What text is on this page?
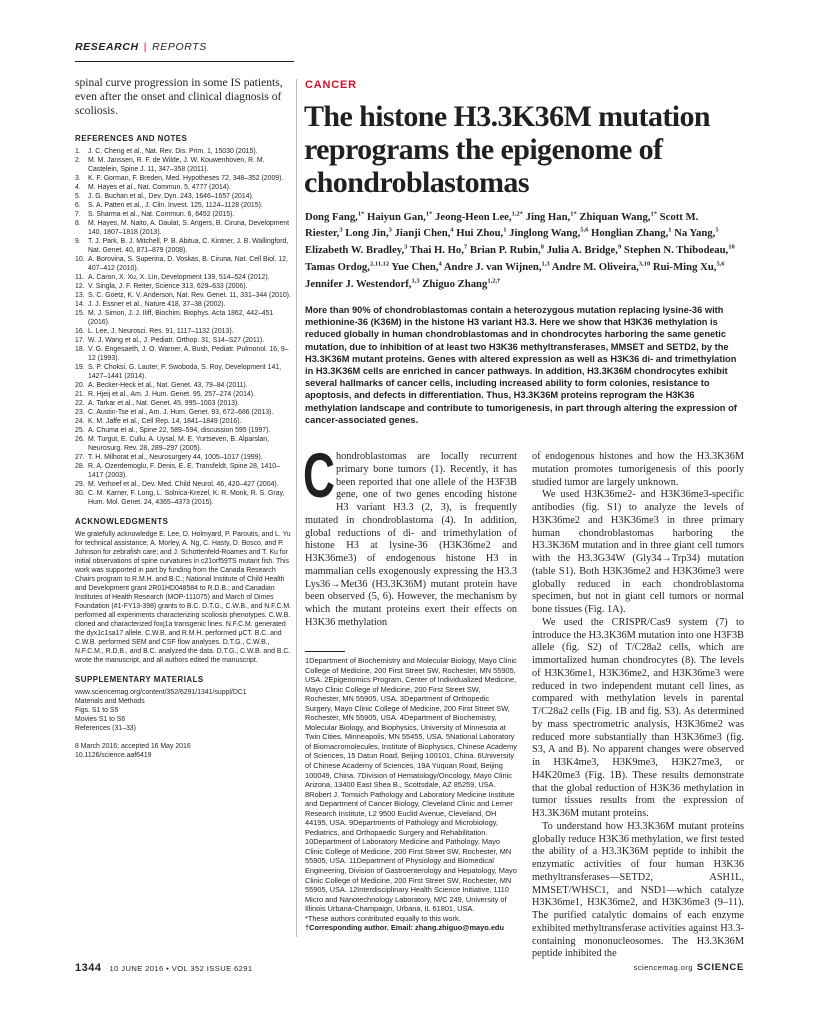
RESEARCH | REPORTS

spinal curve progression in some IS patients, even after the onset and clinical diagnosis of scoliosis.

REFERENCES AND NOTES
1.	J. C. Cheng et al., Nat. Rev. Dis. Prim. 1, 15030 (2015).
2.	M. M. Janssen, R. F. de Wilde, J. W. Kouwenhoven, R. M. Castelein, Spine J. 11, 347–358 (2011).
3.	K. F. Gorman, F. Breden, Med. Hypotheses 72, 348–352 (2009).
4.	M. Hayes et al., Nat. Commun. 5, 4777 (2014).
5.	J. G. Buchan et al., Dev. Dyn. 243, 1646–1657 (2014).
6.	S. A. Patten et al., J. Clin. Invest. 125, 1124–1128 (2015).
7.	S. Sharma et al., Nat. Commun. 6, 6452 (2015).
8.	M. Hayes, M. Naito, A. Daulat, S. Angers, B. Ciruna, Development 140, 1807–1818 (2013).
9.	T. J. Park, B. J. Mitchell, P. B. Abitua, C. Kintner, J. B. Wallingford, Nat. Genet. 40, 871–879 (2008).
10. A. Borovina, S. Superina, D. Voskas, B. Ciruna, Nat. Cell Biol. 12, 407–412 (2010).
11. A. Caron, X. Xu, X. Lin, Development 139, 514–524 (2012).
12. V. Singla, J. F. Reiter, Science 313, 629–633 (2006).
13. S. C. Goetz, K. V. Anderson, Nat. Rev. Genet. 11, 331–344 (2010).
14. J. J. Essner et al., Nature 418, 37–38 (2002).
15. M. J. Simon, J. J. Iliff, Biochim. Biophys. Acta 1862, 442–451 (2016).
16. L. Lee, J. Neurosci. Res. 91, 1117–1132 (2013).
17. W. J. Wang et al., J. Pediatr. Orthop. 31, S14–S27 (2011).
18. V. G. Engesaeth, J. O. Warner, A. Bush, Pediatr. Pulmonol. 16, 9–12 (1993).
19. S. P. Choksi, G. Lauter, P. Swoboda, S. Roy, Development 141, 1427–1441 (2014).
20. A. Becker-Heck et al., Nat. Genet. 43, 79–84 (2011).
21. R. Hjeij et al., Am. J. Hum. Genet. 95, 257–274 (2014).
22. A. Tarkar et al., Nat. Genet. 45, 995–1003 (2013).
23. C. Austin-Tse et al., Am. J. Hum. Genet. 93, 672–686 (2013).
24. K. M. Jaffe et al., Cell Rep. 14, 1841–1849 (2016).
25. A. Chuma et al., Spine 22, 589–594, discussion 595 (1997).
26. M. Turgut, E. Cullu, A. Uysal, M. E. Yurtseven, B. Alparslan, Neurosurg. Rev. 28, 289–297 (2005).
27. T. H. Milhorat et al., Neurosurgery 44, 1005–1017 (1999).
28. R. A. Ozerdemoglu, F. Denis, E. E. Transfeldt, Spine 28, 1410–1417 (2003).
29. M. Verhoef et al., Dev. Med. Child Neurol. 46, 420–427 (2004).
30. C. M. Karner, F. Long, L. Solnica-Krezel, K. R. Monk, R. S. Gray, Hum. Mol. Genet. 24, 4365–4373 (2015).
ACKNOWLEDGMENTS

We gratefully acknowledge E. Lee, D. Holmyard, P. Paroutis, and L. Yu for technical assistance; A. Morley, A. Ng, C. Hasty, D. Bosco, and P. Johnson for zebrafish care; and J. Schottenfeld-Roames and T. Ku for initial observations of spine curvatures in c21orf59TS mutant fish. This work was supported in part by funding from the Canada Research Chairs program to R.M.H. and B.C.; National Institute of Child Health and Development grant 2R01HD048584 to R.D.B.; and Canadian Institutes of Health Research (MOP-111075) and March of Dimes Foundation (#1-FY13-398) grants to B.C. D.T.G., C.W.B., and N.F.C.M. performed all experiments characterizing scoliosis phenotypes. C.W.B. cloned and characterized foxj1a transgenic lines. N.F.C.M. generated the dyx1c1sa17 allele. C.W.B. and R.M.H. performed μCT. B.C. and C.W.B. performed SEM and CSF flow analyses. D.T.G., C.W.B., N.F.C.M., R.D.B., and B.C. analyzed the data. D.T.G., C.W.B. and B.C. wrote the manuscript, and all authors edited the manuscript.

SUPPLEMENTARY MATERIALS
www.sciencemag.org/content/352/6291/1341/suppl/DC1
Materials and Methods
Figs. S1 to S5
Movies S1 to S6
References (31–33)
8 March 2016; accepted 16 May 2016
10.1126/science.aaf6419
CANCER
The histone H3.3K36M mutation reprograms the epigenome of chondroblastomas
Dong Fang,$^{1*}$ Haiyun Gan,$^{1*}$ Jeong-Heon Lee,$^{1,2*}$ Jing Han,$^{1*}$ Zhiquan Wang,$^{1*}$ Scott M. Riester,$^3$ Long Jin,$^3$ Jianji Chen,$^4$ Hui Zhou,$^1$ Jinglong Wang,$^{5,6}$ Honglian Zhang,$^1$ Na Yang,$^5$ Elizabeth W. Bradley,$^3$ Thai H. Ho,$^7$ Brian P. Rubin,$^8$ Julia A. Bridge,$^9$ Stephen N. Thibodeau,$^{10}$ Tamas Ordog,$^{2,11,12}$ Yue Chen,$^4$ Andre J. van Wijnen,$^{1,3}$ Andre M. Oliveira,$^{3,10}$ Rui-Ming Xu,$^{5,6}$ Jennifer J. Westendorf,$^{1,3}$ Zhiguo Zhang$^{1,2,\dagger}$
More than 90% of chondroblastomas contain a heterozygous mutation replacing lysine-36 with methionine-36 (K36M) in the histone H3 variant H3.3. Here we show that H3K36 methylation is reduced globally in human chondroblastomas and in chondrocytes harboring the same genetic mutation, due to inhibition of at least two H3K36 methyltransferases, MMSET and SETD2, by the H3.3K36M mutant proteins. Genes with altered expression as well as H3K36 di- and trimethylation in H3.3K36M cells are enriched in cancer pathways. In addition, H3.3K36M chondrocytes exhibit several hallmarks of cancer cells, including increased ability to form colonies, resistance to apoptosis, and defects in differentiation. Thus, H3.3K36M proteins reprogram the H3K36 methylation landscape and contribute to tumorigenesis, in part through altering the expression of cancer-associated genes.
C hondroblastomas are locally recurrent primary bone tumors (1). Recently, it has been reported that one allele of the H3F3B gene, one of two genes encoding histone H3 variant H3.3 (2, 3), is frequently mutated in chondroblastoma (4). In addition, global reductions of di- and trimethylation of histone H3 at lysine-36 (H3K36me2 and H3K36me3) of endogenous histone H3 in mammalian cells exogenously expressing the H3.3 Lys36→Met36 (H3.3K36M) mutant protein have been observed (5, 6). However, the mechanism by which the mutant proteins exert their effects on H3K36 methylation

1Department of Biochemistry and Molecular Biology, Mayo Clinic College of Medicine, 200 First Street SW, Rochester, MN 55905, USA. 2Epigenomics Program, Center of Individualized Medicine, Mayo Clinic College of Medicine, 200 First Street SW, Rochester, MN 55905, USA. 3Department of Orthopedic Surgery, Mayo Clinic College of Medicine, 200 First Street SW, Rochester, MN 55905, USA. 4Department of Biochemistry, Molecular Biology, and Biophysics, University of Minnesota at Twin Cities, Minneapolis, MN 55455, USA. 5National Laboratory of Biomacromolecules, Institute of Biophysics, Chinese Academy of Sciences, 15 Datun Road, Beijing 100101, China. 6University of Chinese Academy of Sciences, 19A Yuquan Road, Beijing 100049, China. 7Division of Hematology/Oncology, Mayo Clinic Arizona, 13400 East Shea B., Scottsdale, AZ 85259, USA. 8Robert J. Tomsich Pathology and Laboratory Medicine Institute and Department of Cancer Biology, Cleveland Clinic and Lerner Research Institute, L2 9500 Euclid Avenue, Cleveland, OH 44195, USA. 9Departments of Pathology and Microbiology, Pediatrics, and Orthopaedic Surgery and Rehabilitation. 10Department of Laboratory Medicine and Pathology, Mayo Clinic College of Medicine, 200 First Street SW, Rochester, MN 55905, USA. 11Department of Physiology and Biomedical Engineering, Division of Gastroenterology and Hepatology, Mayo Clinic College of Medicine, 200 First Street SW, Rochester, MN 55905, USA. 12Interdisciplinary Health Science Initiative, 1110 Micro and Nanotechnology Laboratory, M/C 249, University of Illinois Urbana-Champaign, Urbana, IL 61801, USA.
*These authors contributed equally to this work.
†Corresponding author. Email: zhang.zhiguo@mayo.edu

of endogenous histones and how the H3.3K36M mutation promotes tumorigenesis of this poorly studied tumor are largely unknown.

We used H3K36me2- and H3K36me3-specific antibodies (fig. S1) to analyze the levels of H3K36me2 and H3K36me3 in three primary human chondroblastomas harboring the H3.3K36M mutation and in three giant cell tumors with the H3.3G34W (Gly34→Trp34) mutation (table S1). Both H3K36me2 and H3K36me3 were globally reduced in each chondroblastoma specimen, but not in giant cell tumors or normal bone tissues (Fig. 1A).

We used the CRISPR/Cas9 system (7) to introduce the H3.3K36M mutation into one H3F3B allele (fig. S2) of T/C28a2 cells, which are immortalized human chondrocytes (8). The levels of H3K36me1, H3K36me2, and H3K36me3 were reduced in two independent mutant cell lines, as compared with methylation levels in parental T/C28a2 cells (Fig. 1B and fig. S3). As determined by mass spectrometric analysis, H3K36me2 was reduced more substantially than H3K36me3 (fig. S3, A and B). No apparent changes were observed in H3K4me3, H3K9me3, H3K27me3, or H4K20me3 (Fig. 1B). These results demonstrate that the global reduction of H3K36 methylation in tumor tissues results from the expression of H3.3K36M mutant proteins.

To understand how H3.3K36M mutant proteins globally reduce H3K36 methylation, we first tested the ability of a H3.3K36M peptide to inhibit the enzymatic activities of four human H3K36 methyltransferases—SETD2, ASH1L, MMSET/WHSC1, and NSD1—which catalyze H3K36me1, H3K36me2, and H3K36me3 (9–11). The purified catalytic domains of each enzyme exhibited methyltransferase activities against H3.3-containing mononucleosomes. The H3.3K36M peptide inhibited the

1344 10 JUNE 2016 • VOL 352 ISSUE 6291	sciencemag.org SCIENCE
